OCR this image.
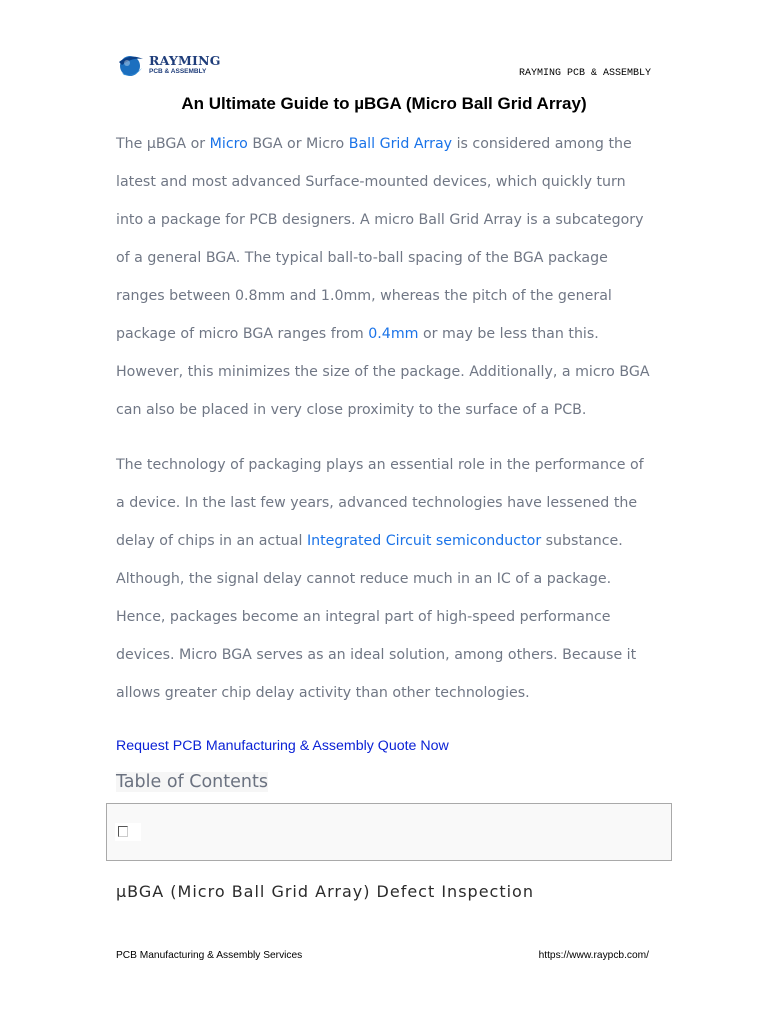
RAYMING
PCB & ASSEMBLY	RAYMING PCB & ASSEMBLY
An Ultimate Guide to µBGA (Micro Ball Grid Array)

The µBGA or Micro BGA or Micro Ball Grid Array is considered among the latest and most advanced Surface-mounted devices, which quickly turn into a package for PCB designers. A micro Ball Grid Array is a subcategory of a general BGA. The typical ball-to-ball spacing of the BGA package ranges between 0.8mm and 1.0mm, whereas the pitch of the general package of micro BGA ranges from 0.4mm or may be less than this. However, this minimizes the size of the package. Additionally, a micro BGA can also be placed in very close proximity to the surface of a PCB.

The technology of packaging plays an essential role in the performance of a device. In the last few years, advanced technologies have lessened the delay of chips in an actual Integrated Circuit semiconductor substance. Although, the signal delay cannot reduce much in an IC of a package. Hence, packages become an integral part of high-speed performance devices. Micro BGA serves as an ideal solution, among others. Because it allows greater chip delay activity than other technologies.

Request PCB Manufacturing & Assembly Quote Now
Table of Contents
µBGA (Micro Ball Grid Array) Defect Inspection
PCB Manufacturing & Assembly Services	https://www.raypcb.com/
